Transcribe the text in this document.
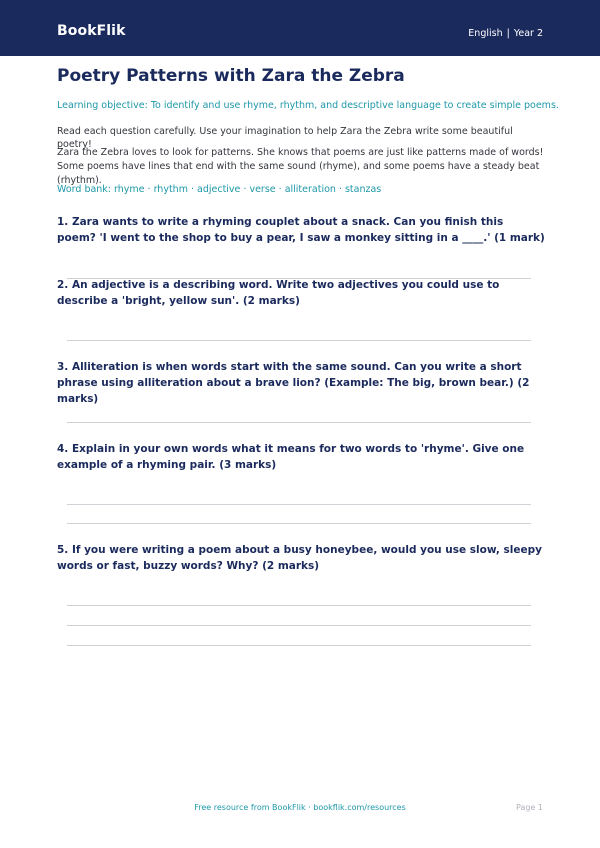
BookFlik	English | Year 2
Poetry Patterns with Zara the Zebra
Learning objective: To identify and use rhyme, rhythm, and descriptive language to create simple poems.
Read each question carefully. Use your imagination to help Zara the Zebra write some beautiful poetry!
Zara the Zebra loves to look for patterns. She knows that poems are just like patterns made of words! Some poems have lines that end with the same sound (rhyme), and some poems have a steady beat (rhythm).
Word bank: rhyme · rhythm · adjective · verse · alliteration · stanzas
1. Zara wants to write a rhyming couplet about a snack. Can you finish this poem? 'I went to the shop to buy a pear, I saw a monkey sitting in a ____.' (1 mark)
2. An adjective is a describing word. Write two adjectives you could use to describe a 'bright, yellow sun'. (2 marks)
3. Alliteration is when words start with the same sound. Can you write a short phrase using alliteration about a brave lion? (Example: The big, brown bear.) (2 marks)
4. Explain in your own words what it means for two words to 'rhyme'. Give one example of a rhyming pair. (3 marks)
5. If you were writing a poem about a busy honeybee, would you use slow, sleepy words or fast, buzzy words? Why? (2 marks)
Free resource from BookFlik · bookflik.com/resources	Page 1
